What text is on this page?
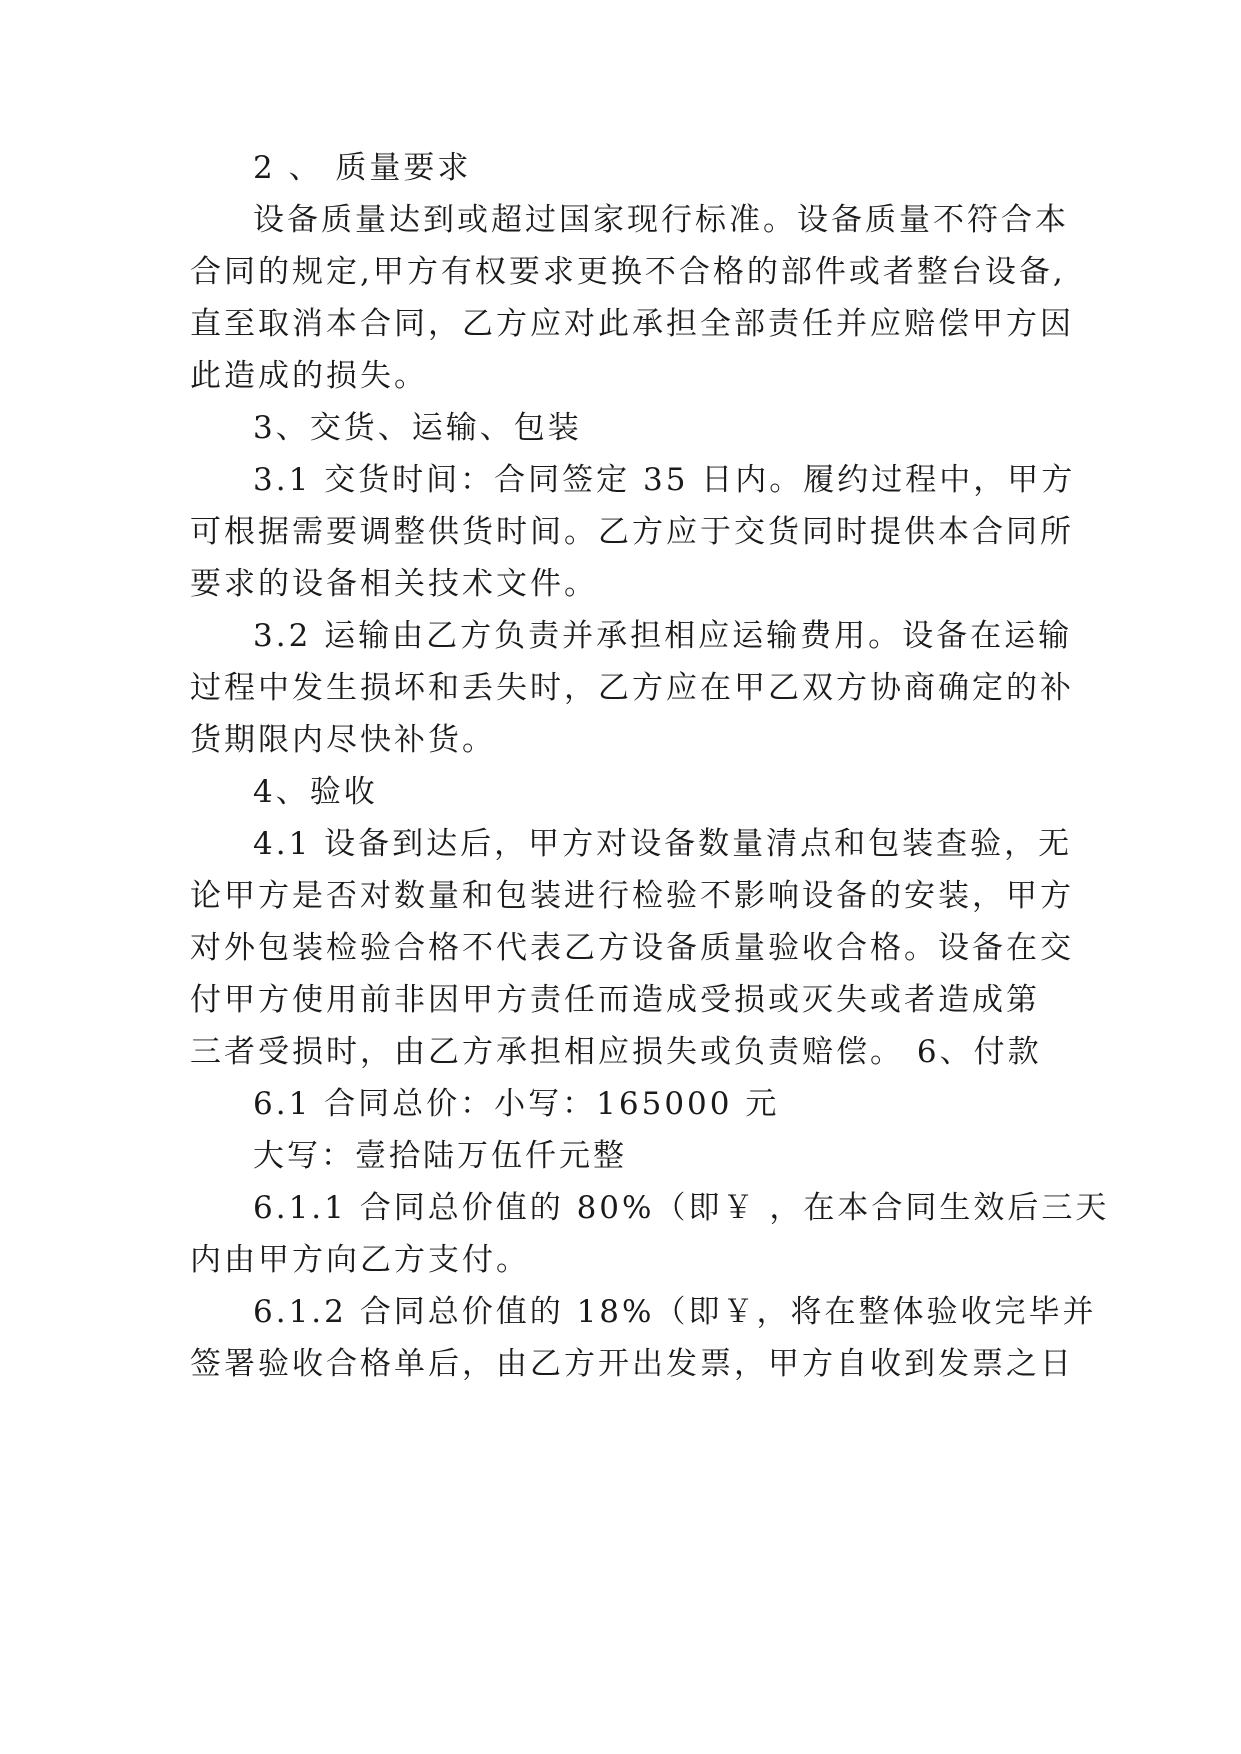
2 、 质量要求
设备质量达到或超过国家现行标准。设备质量不符合本
合同的规定,甲方有权要求更换不合格的部件或者整台设备,
直至取消本合同，乙方应对此承担全部责任并应赔偿甲方因
此造成的损失。
3、交货、运输、包装
3.1 交货时间：合同签定 35 日内。履约过程中，甲方
可根据需要调整供货时间。乙方应于交货同时提供本合同所
要求的设备相关技术文件。
3.2 运输由乙方负责并承担相应运输费用。设备在运输
过程中发生损坏和丢失时，乙方应在甲乙双方协商确定的补
货期限内尽快补货。
4、验收
4.1 设备到达后，甲方对设备数量清点和包装查验，无
论甲方是否对数量和包装进行检验不影响设备的安装，甲方
对外包装检验合格不代表乙方设备质量验收合格。设备在交
付甲方使用前非因甲方责任而造成受损或灭失或者造成第
三者受损时，由乙方承担相应损失或负责赔偿。 6、付款
6.1 合同总价：小写：165000 元
大写：壹拾陆万伍仟元整
6.1.1 合同总价值的 80%（即￥ ，在本合同生效后三天
内由甲方向乙方支付。
6.1.2 合同总价值的 18%（即￥，将在整体验收完毕并
签署验收合格单后，由乙方开出发票，甲方自收到发票之日
